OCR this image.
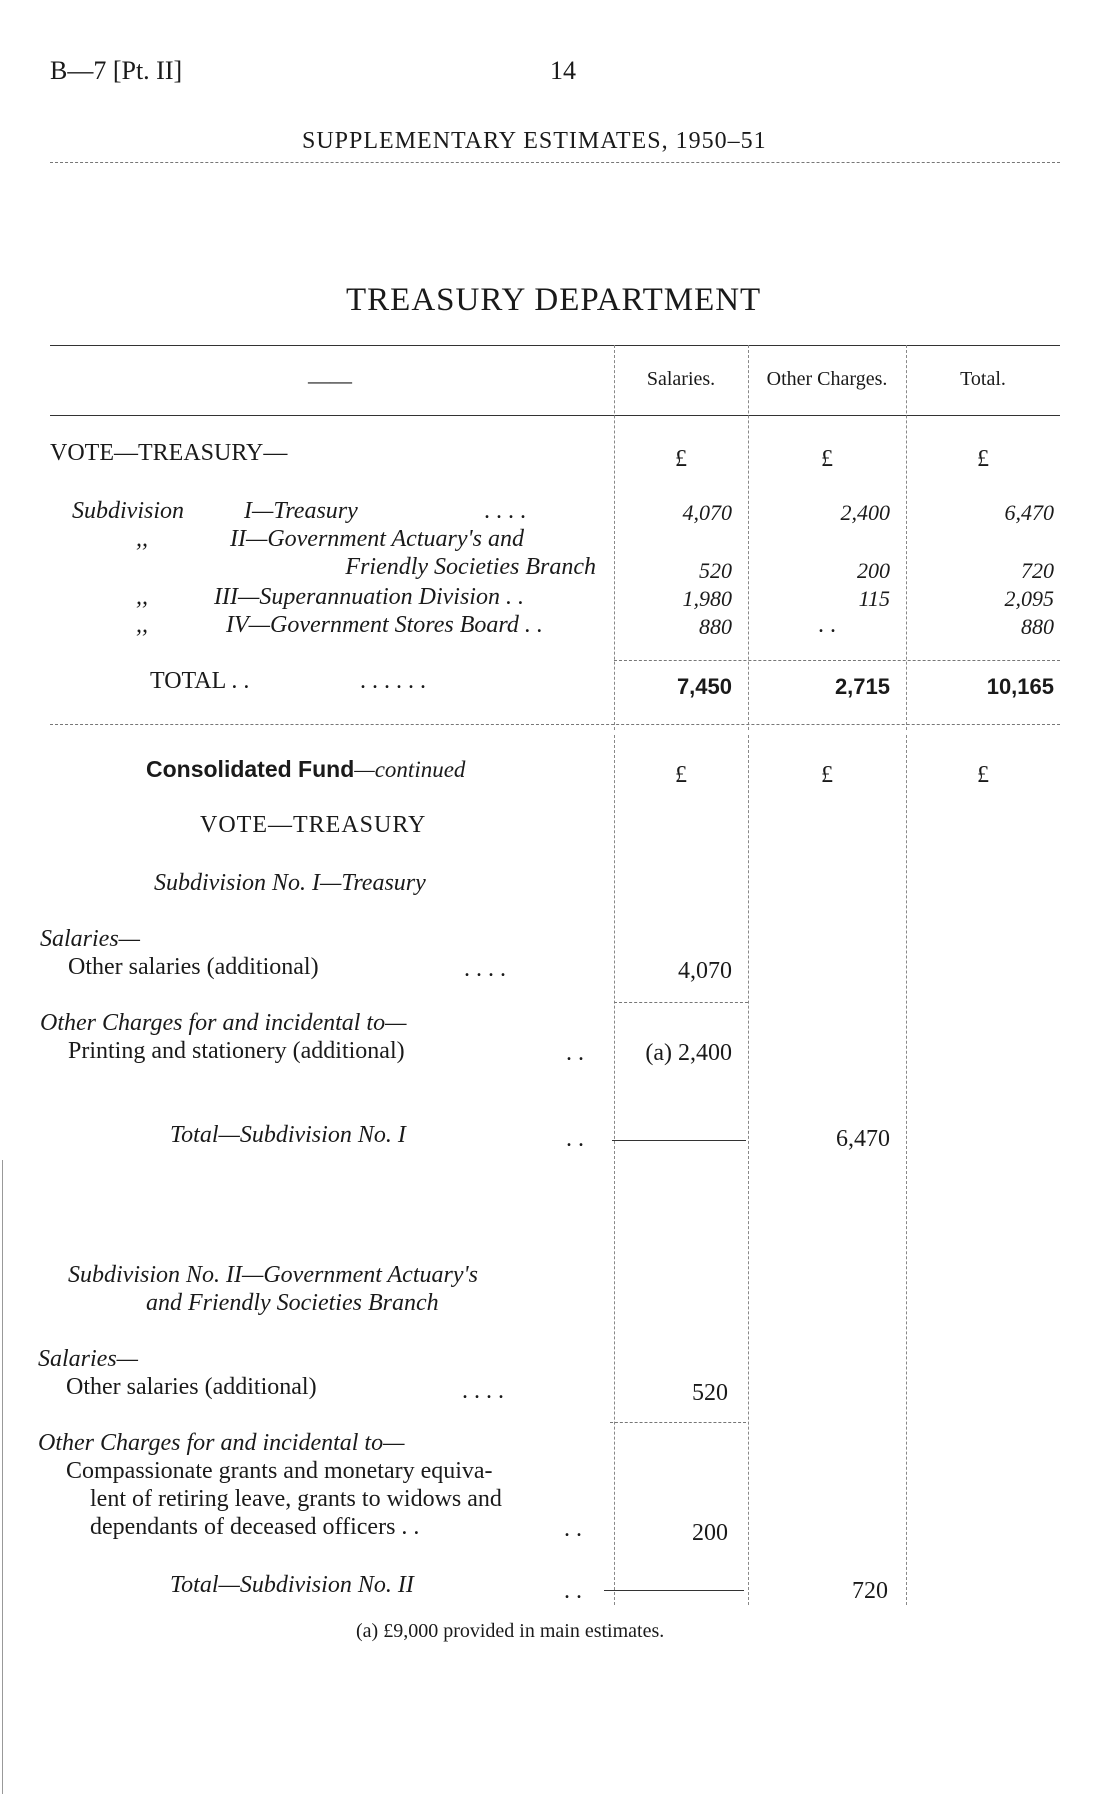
B—7 [Pt. II]	14
SUPPLEMENTARY ESTIMATES, 1950–51
TREASURY DEPARTMENT
——	Salaries.	Other Charges.	Total.
VOTE—TREASURY—	£	£	£
Subdivision	I—Treasury	. . . .	4,070	2,400	6,470
,,	II—Government Actuary's and
Friendly Societies Branch	520	200	720
,,	III—Superannuation Division . .	1,980	115	2,095
,,	IV—Government Stores Board . .	880	. .	880
TOTAL . .	. . . . . .	7,450	2,715	10,165
Consolidated Fund—continued	£	£	£
VOTE—TREASURY
Subdivision No. I—Treasury
Salaries—
Other salaries (additional)	. . . .	4,070
Other Charges for and incidental to—
Printing and stationery (additional)	. .	(a) 2,400
Total—Subdivision No. I	. .	6,470
Subdivision No. II—Government Actuary's
and Friendly Societies Branch
Salaries—
Other salaries (additional)	. . . .	520
Other Charges for and incidental to—
Compassionate grants and monetary equiva-
lent of retiring leave, grants to widows and
dependants of deceased officers . .	. .	200
Total—Subdivision No. II	. .	720
(a) £9,000 provided in main estimates.
